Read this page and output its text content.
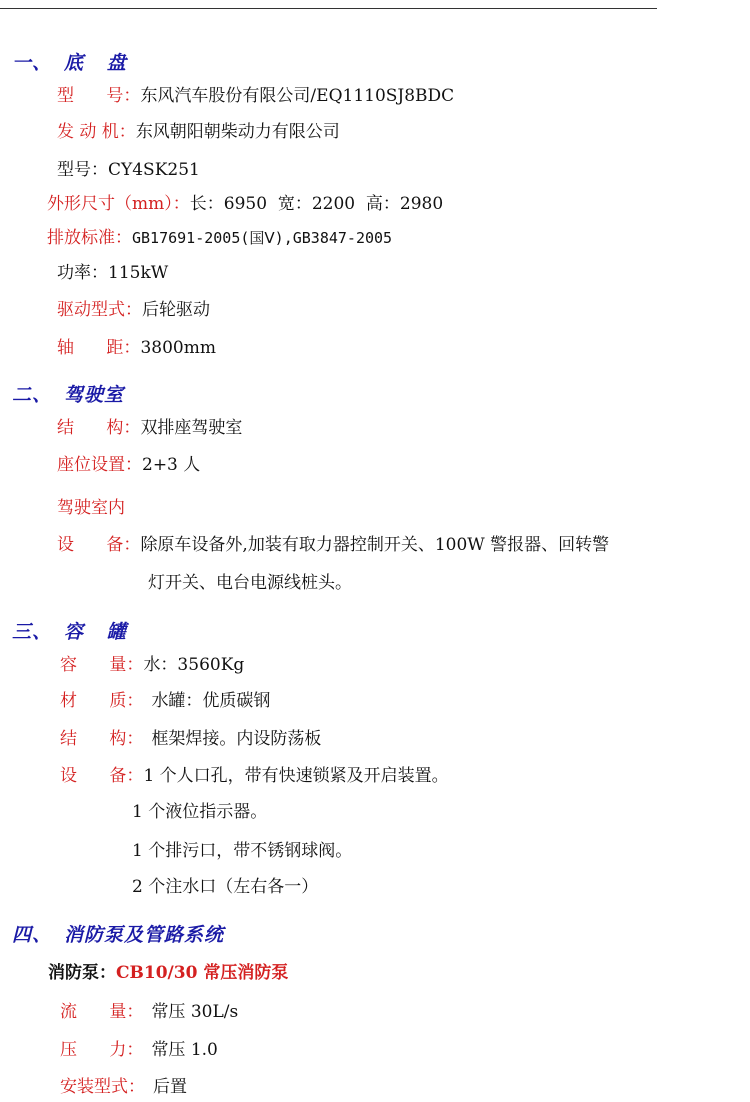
一、 底   盘
型      号：东风汽车股份有限公司/EQ1110SJ8BDC
发 动 机：东风朝阳朝柴动力有限公司
型号：CY4SK251
外形尺寸（mm）：长：6950  宽：2200  高：2980
排放标准：GB17691-2005(国Ⅴ),GB3847-2005
功率：115kW
驱动型式：后轮驱动
轴      距：3800mm
二、 驾驶室
结      构：双排座驾驶室
座位设置：2+3 人
驾驶室内
设      备：除原车设备外,加装有取力器控制开关、100W 警报器、回转警
灯开关、电台电源线桩头。
三、 容   罐
容      量：水：3560Kg
材      质： 水罐：优质碳钢
结      构： 框架焊接。内设防荡板
设      备：1 个人口孔，带有快速锁紧及开启装置。
1 个液位指示器。
1 个排污口，带不锈钢球阀。
2 个注水口（左右各一）
四、 消防泵及管路系统
消防泵：CB10/30 常压消防泵
流      量： 常压 30L/s
压      力： 常压 1.0
安装型式： 后置
